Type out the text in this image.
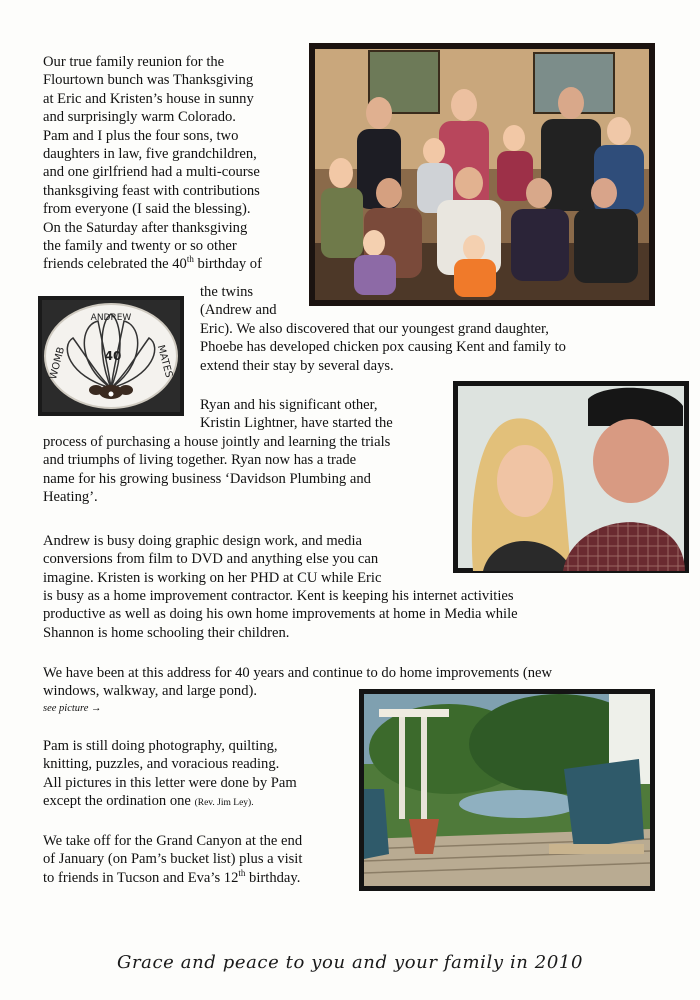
ANDREW
WOMB	MATES
40

Our true family reunion for the

Flourtown bunch was Thanksgiving

at Eric and Kristen’s house in sunny

and surprisingly warm Colorado.

Pam and I plus the four sons, two

daughters in law, five grandchildren,

and one girlfriend had a multi-course

thanksgiving feast with contributions

from everyone (I said the blessing).

On the Saturday after thanksgiving

the family and twenty or so other

friends celebrated the 40th birthday of

the twins

(Andrew and

Eric). We also discovered that our youngest grand daughter,

Phoebe has developed chicken pox causing Kent and family to

extend their stay by several days.

Ryan and his significant other,

Kristin Lightner, have started the

process of purchasing a house jointly and learning the trials

and triumphs of living together. Ryan now has a trade

name for his growing business ‘Davidson Plumbing and

Heating’.

Andrew is busy doing graphic design work, and media

conversions from film to DVD and anything else you can

imagine. Kristen is working on her PHD at CU while Eric

is busy as a home improvement contractor. Kent is keeping his internet activities

productive as well as doing his own home improvements at home in Media while

Shannon is home schooling their children.

We have been at this address for 40 years and continue to do home improvements (new

windows, walkway, and large pond).

see picture →

Pam is still doing photography, quilting,

knitting, puzzles, and voracious reading.

All pictures in this letter were done by Pam

except the ordination one (Rev. Jim Ley).

We take off for the Grand Canyon at the end

of January (on Pam’s bucket list) plus a visit

to friends in Tucson and Eva’s 12th birthday.

Grace and peace to you and your family in 2010
